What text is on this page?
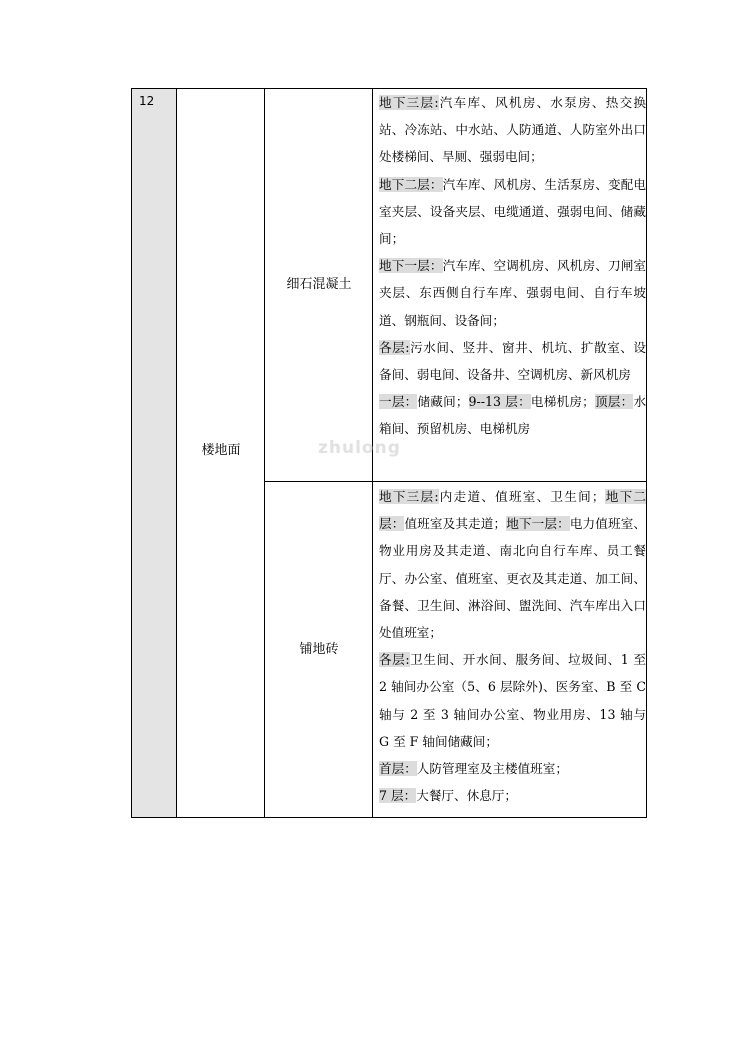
12
楼地面
细石混凝土
铺地砖

地下三层:汽车库、风机房、水泵房、热交换站、冷冻站、中水站、人防通道、人防室外出口处楼梯间、旱厕、强弱电间；
地下二层：汽车库、风机房、生活泵房、变配电室夹层、设备夹层、电缆通道、强弱电间、储藏间；
地下一层：汽车库、空调机房、风机房、刀闸室夹层、东西侧自行车库、强弱电间、自行车坡道、钢瓶间、设备间；
各层:污水间、竖井、窗井、机坑、扩散室、设备间、弱电间、设备井、空调机房、新风机房
一层：储藏间；9--13 层：电梯机房；顶层：水箱间、预留机房、电梯机房

地下三层:内走道、值班室、卫生间；地下二层：值班室及其走道；地下一层：电力值班室、物业用房及其走道、南北向自行车库、员工餐厅、办公室、值班室、更衣及其走道、加工间、备餐、卫生间、淋浴间、盥洗间、汽车库出入口处值班室；
各层:卫生间、开水间、服务间、垃圾间、1 至 2 轴间办公室（5、6 层除外)、医务室、B 至 C 轴与 2 至 3 轴间办公室、物业用房、13 轴与 G 至 F 轴间储藏间；
首层：人防管理室及主楼值班室；
7 层：大餐厅、休息厅；

zhulong
